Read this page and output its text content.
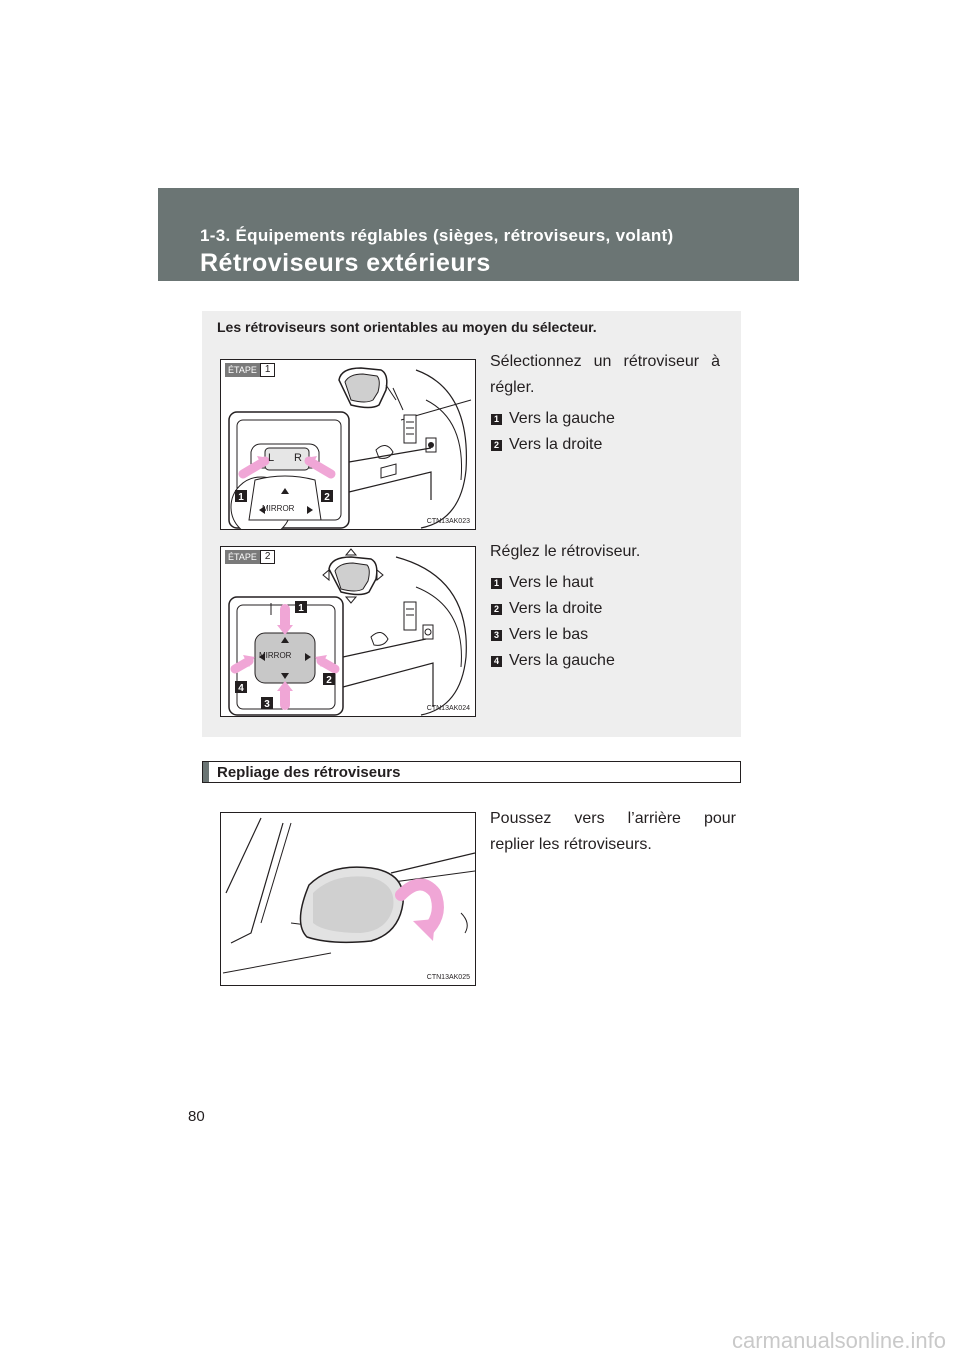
1-3. Équipements réglables (sièges, rétroviseurs, volant)
Rétroviseurs extérieurs
Les rétroviseurs sont orientables au moyen du sélecteur.
1	2
L R
MIRROR
ÉTAPE 1
CTN13AK023
Sélectionnez un rétroviseur à
régler.
1 Vers la gauche
2 Vers la droite
1
2
3
4
MIRROR
ÉTAPE 2
CTN13AK024
Réglez le rétroviseur.
1 Vers le haut
2 Vers la droite
3 Vers le bas
4 Vers la gauche
Repliage des rétroviseurs
CTN13AK025
Poussez vers l’arrière pour
replier les rétroviseurs.
80
carmanualsonline.info
